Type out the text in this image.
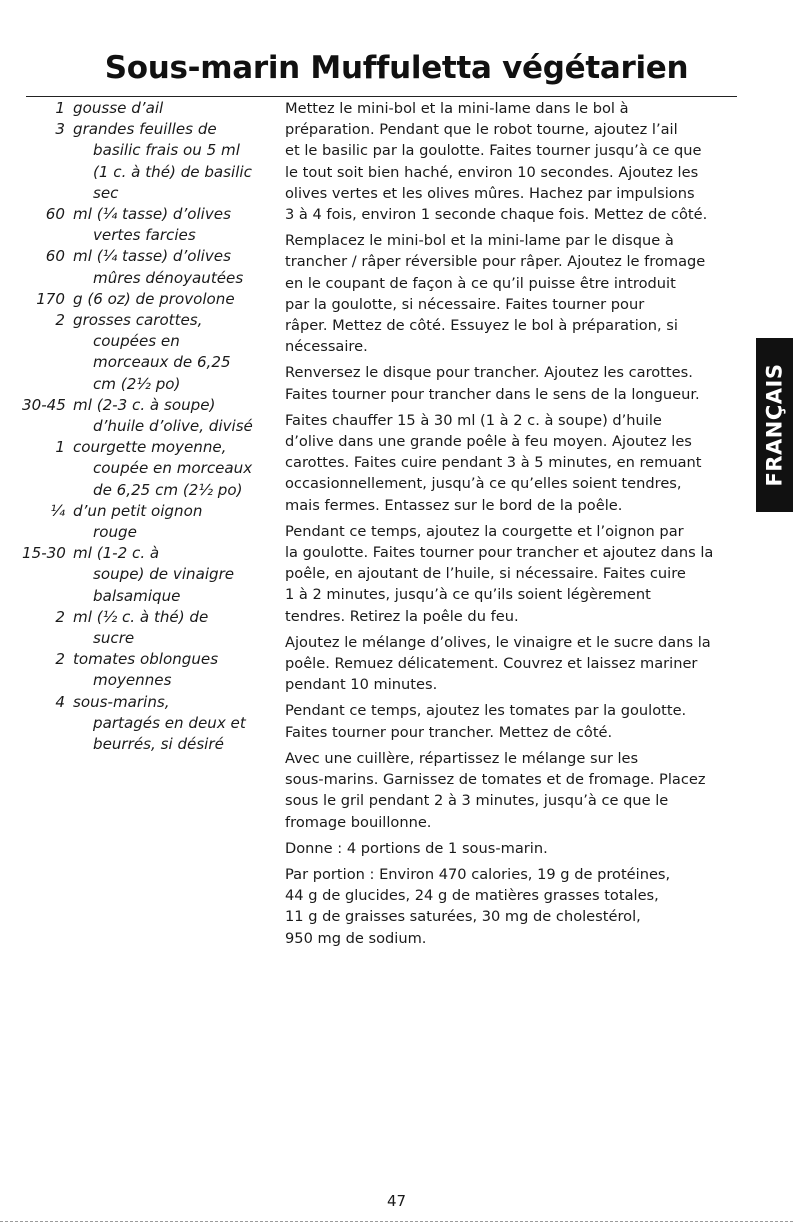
Sous-marin Muffuletta végétarien
1 gousse d’ail
3 grandes feuilles de
basilic frais ou 5 ml
(1 c. à thé) de basilic
sec
60 ml (¼ tasse) d’olives
vertes farcies
60 ml (¼ tasse) d’olives
mûres dénoyautées
170 g (6 oz) de provolone
2 grosses carottes,
coupées en
morceaux de 6,25
cm (2½ po)
30-45 ml (2-3 c. à soupe)
d’huile d’olive, divisé
1 courgette moyenne,
coupée en morceaux
de 6,25 cm (2½ po)
¼ d’un petit oignon
rouge
15-30 ml (1-2 c. à
soupe) de vinaigre
balsamique
2 ml (½ c. à thé) de
sucre
2 tomates oblongues
moyennes
4 sous-marins,
partagés en deux et
beurrés, si désiré

Mettez le mini-bol et la mini-lame dans le bol à
préparation. Pendant que le robot tourne, ajoutez l’ail
et le basilic par la goulotte. Faites tourner jusqu’à ce que
le tout soit bien haché, environ 10 secondes. Ajoutez les
olives vertes et les olives mûres. Hachez par impulsions
3 à 4 fois, environ 1 seconde chaque fois. Mettez de côté.

Remplacez le mini-bol et la mini-lame par le disque à
trancher / râper réversible pour râper. Ajoutez le fromage
en le coupant de façon à ce qu’il puisse être introduit
par la goulotte, si nécessaire. Faites tourner pour
râper. Mettez de côté. Essuyez le bol à préparation, si
nécessaire.

Renversez le disque pour trancher. Ajoutez les carottes.
Faites tourner pour trancher dans le sens de la longueur.

Faites chauffer 15 à 30 ml (1 à 2 c. à soupe) d’huile
d’olive dans une grande poêle à feu moyen. Ajoutez les
carottes. Faites cuire pendant 3 à 5 minutes, en remuant
occasionnellement, jusqu’à ce qu’elles soient tendres,
mais fermes. Entassez sur le bord de la poêle.

Pendant ce temps, ajoutez la courgette et l’oignon par
la goulotte. Faites tourner pour trancher et ajoutez dans la
poêle, en ajoutant de l’huile, si nécessaire. Faites cuire
1 à 2 minutes, jusqu’à ce qu’ils soient légèrement
tendres. Retirez la poêle du feu.

Ajoutez le mélange d’olives, le vinaigre et le sucre dans la
poêle. Remuez délicatement. Couvrez et laissez mariner
pendant 10 minutes.

Pendant ce temps, ajoutez les tomates par la goulotte.
Faites tourner pour trancher. Mettez de côté.

Avec une cuillère, répartissez le mélange sur les
sous-marins. Garnissez de tomates et de fromage. Placez
sous le gril pendant 2 à 3 minutes, jusqu’à ce que le
fromage bouillonne.

Donne : 4 portions de 1 sous-marin.

Par portion : Environ 470 calories, 19 g de protéines,
44 g de glucides, 24 g de matières grasses totales,
11 g de graisses saturées, 30 mg de cholestérol,
950 mg de sodium.

FRANÇAIS
47
